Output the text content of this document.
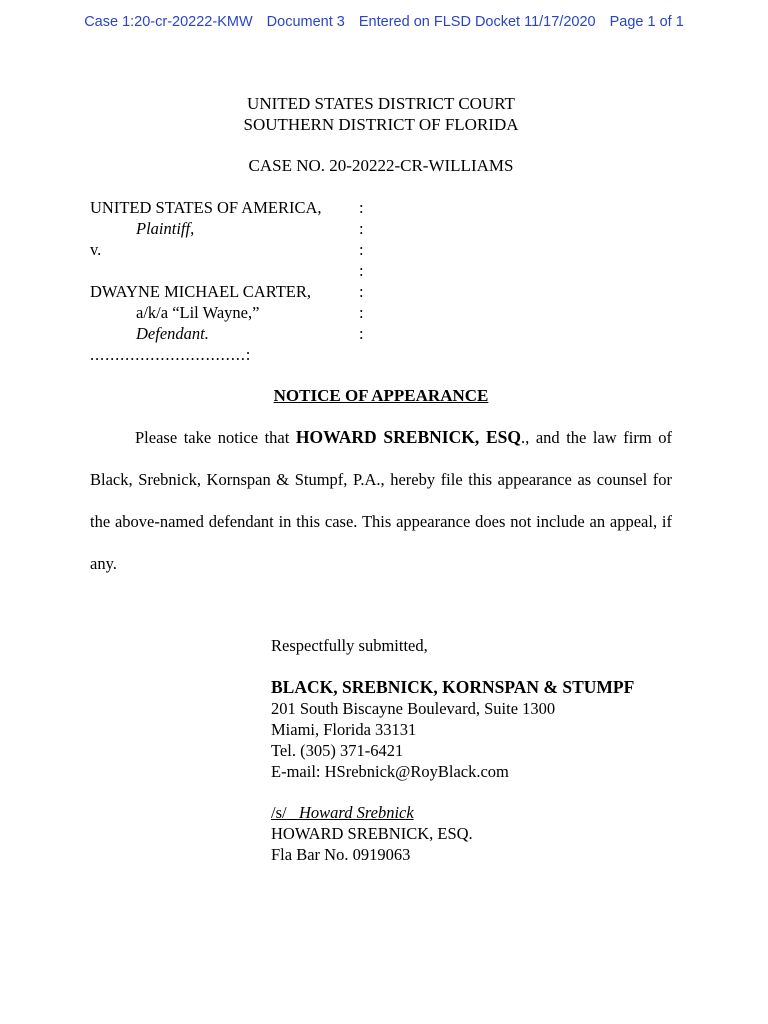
Case 1:20-cr-20222-KMW Document 3 Entered on FLSD Docket 11/17/2020 Page 1 of 1
UNITED STATES DISTRICT COURT
SOUTHERN DISTRICT OF FLORIDA
CASE NO. 20-20222-CR-WILLIAMS
UNITED STATES OF AMERICA,
Plaintiff,
v.
DWAYNE MICHAEL CARTER,
a/k/a “Lil Wayne,”
Defendant.
:
:
:
:
:
:
:
...............................:
NOTICE OF APPEARANCE

Please take notice that HOWARD SREBNICK, ESQ., and the law firm of Black, Srebnick, Kornspan & Stumpf, P.A., hereby file this appearance as counsel for the above-named defendant in this case. This appearance does not include an appeal, if any.

Respectfully submitted,
BLACK, SREBNICK, KORNSPAN & STUMPF
201 South Biscayne Boulevard, Suite 1300
Miami, Florida 33131
Tel. (305) 371-6421
E-mail: HSrebnick@RoyBlack.com
/s/ Howard Srebnick
HOWARD SREBNICK, ESQ.
Fla Bar No. 0919063
